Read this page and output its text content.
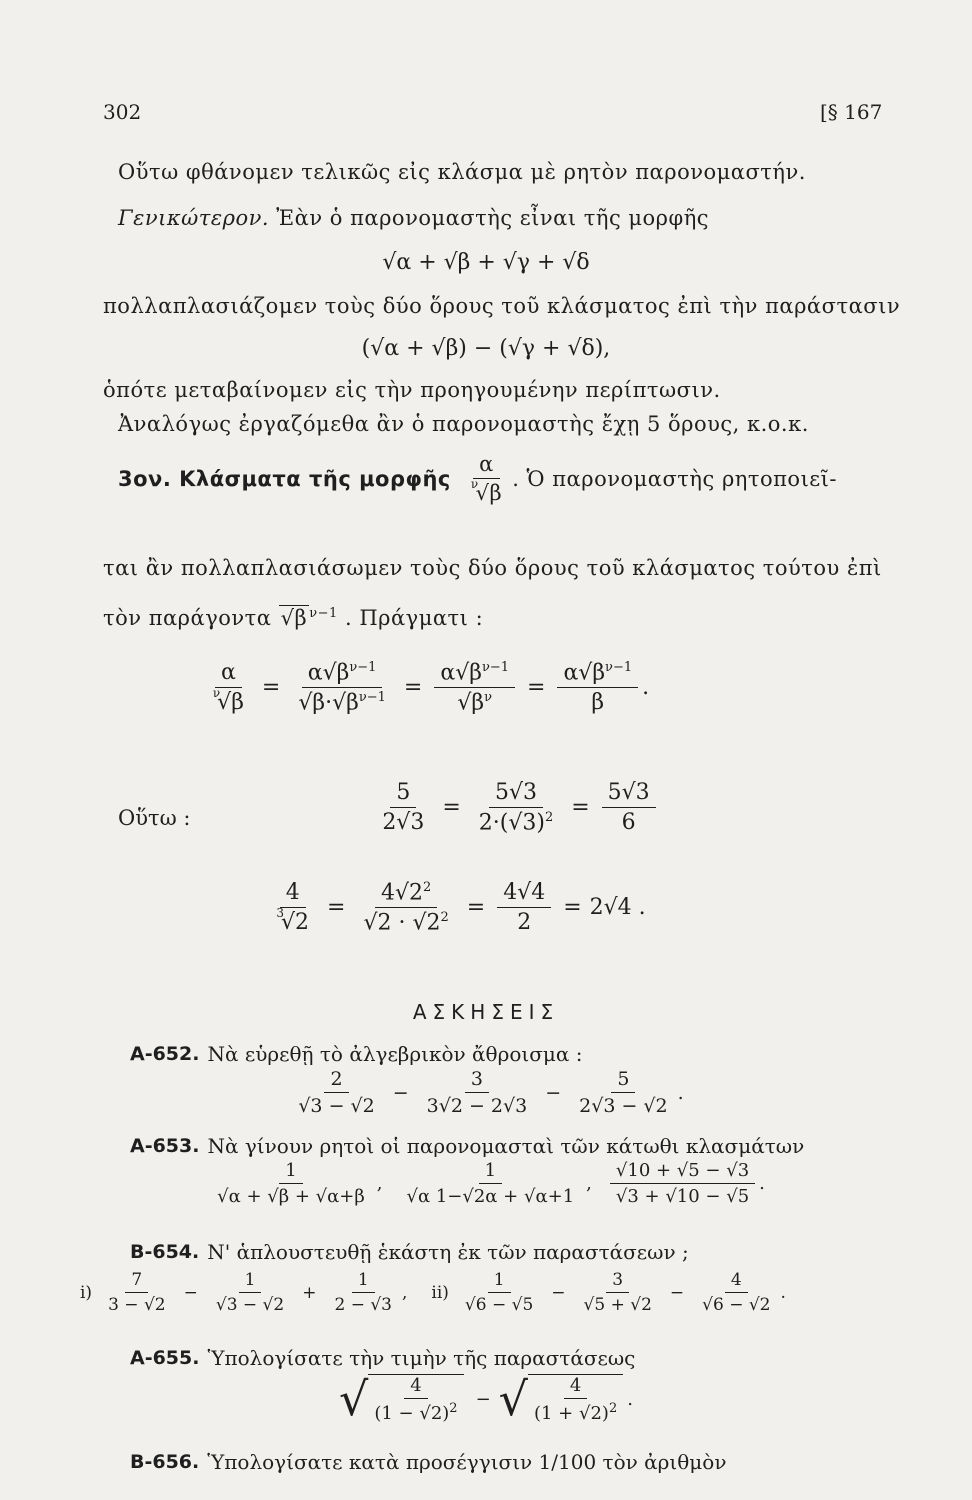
302	[§ 167
Οὕτω φθάνομεν τελικῶς εἰς κλάσμα μὲ ρητὸν παρονομαστήν.
Γενικώτερον. Ἐὰν ὁ παρονομαστὴς εἶναι τῆς μορφῆς
√α + √β + √γ + √δ
πολλαπλασιάζομεν τοὺς δύο ὅρους τοῦ κλάσματος ἐπὶ τὴν παράστασιν
(√α + √β) − (√γ + √δ),
ὁπότε μεταβαίνομεν εἰς τὴν προηγουμένην περίπτωσιν.
Ἀναλόγως ἐργαζόμεθα ἂν ὁ παρονομαστὴς ἔχῃ 5 ὅρους, κ.ο.κ.
3ον. Κλάσματα τῆς μορφῆς $\frac{\alpha}{^\nu√\beta}$ . Ὁ παρονομαστὴς ρητοποιεῖ-
ται ἂν πολλαπλασιάσωμεν τοὺς δύο ὅρους τοῦ κλάσματος τούτου ἐπὶ
τὸν παράγοντα √β $^{\nu-1}$ . Πράγματι :
$\frac{\alpha}{^\nu√\beta} = \frac{\alpha√\beta^{\nu-1}}{√\beta\cdot√\beta^{\nu-1}} = \frac{\alpha√\beta^{\nu-1}}{√\beta^\nu} = \frac{\alpha√\beta^{\nu-1}}{\beta}$ .
Οὕτω :	$\frac{5}{2√3} = \frac{5√3}{2\cdot(√3)^2} = \frac{5√3}{6}$
$\frac{4}{^3√2} = \frac{4√2^2}{√2 \cdot √2^2} = \frac{4√4}{2} = 2√4$ .
ΑΣΚΗΣΕΙΣ
Α-652. Νὰ εὑρεθῇ τὸ ἀλγεβρικὸν ἄθροισμα :
$\frac{2}{√3 - √2} - \frac{3}{3√2 - 2√3} - \frac{5}{2√3 - √2}$ .
Α-653. Νὰ γίνουν ρητοὶ οἱ παρονομασταὶ τῶν κάτωθι κλασμάτων
$\frac{1}{√\alpha + √\beta + √\alpha+\beta}$ , $\frac{1}{√\alpha 1-√2\alpha + √\alpha+1}$ , $\frac{√10 + √5 - √3}{√3 + √10 - √5}$ .
Β-654. Ν' ἁπλουστευθῇ ἑκάστη ἐκ τῶν παραστάσεων ;
$i) \frac{7}{3 - √2} - \frac{1}{√3 - √2} + \frac{1}{2 - √3}$ , $ii) \frac{1}{√6 - √5} - \frac{3}{√5 + √2} - \frac{4}{√6 - √2}$ .
Α-655. Ὑπολογίσατε τὴν τιμὴν τῆς παραστάσεως
√ $\frac{4}{(1 - √2)^2}$ − √ $\frac{4}{(1 + √2)^2}$ .
Β-656. Ὑπολογίσατε κατὰ προσέγγισιν 1/100 τὸν ἀριθμὸν
